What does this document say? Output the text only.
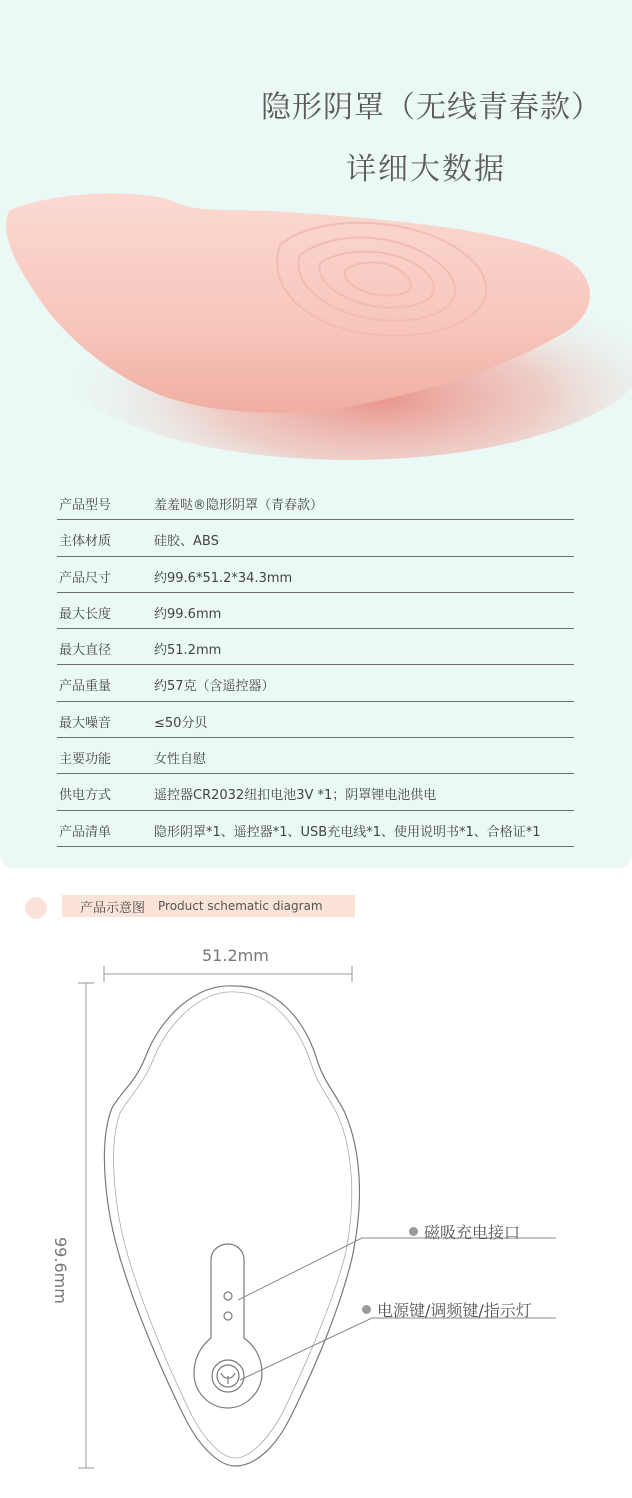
隐形阴罩（无线青春款）
详细大数据
产品型号	羞羞哒®隐形阴罩（青春款）
主体材质	硅胶、ABS
产品尺寸	约99.6*51.2*34.3mm
最大长度	约99.6mm
最大直径	约51.2mm
产品重量	约57克（含遥控器）
最大噪音	≤50分贝
主要功能	女性自慰
供电方式	遥控器CR2032纽扣电池3V *1；阴罩锂电池供电
产品清单	隐形阴罩*1、遥控器*1、USB充电线*1、使用说明书*1、合格证*1
产品示意图 Product schematic diagram
51.2mm
99.6mm
磁吸充电接口
电源键/调频键/指示灯
